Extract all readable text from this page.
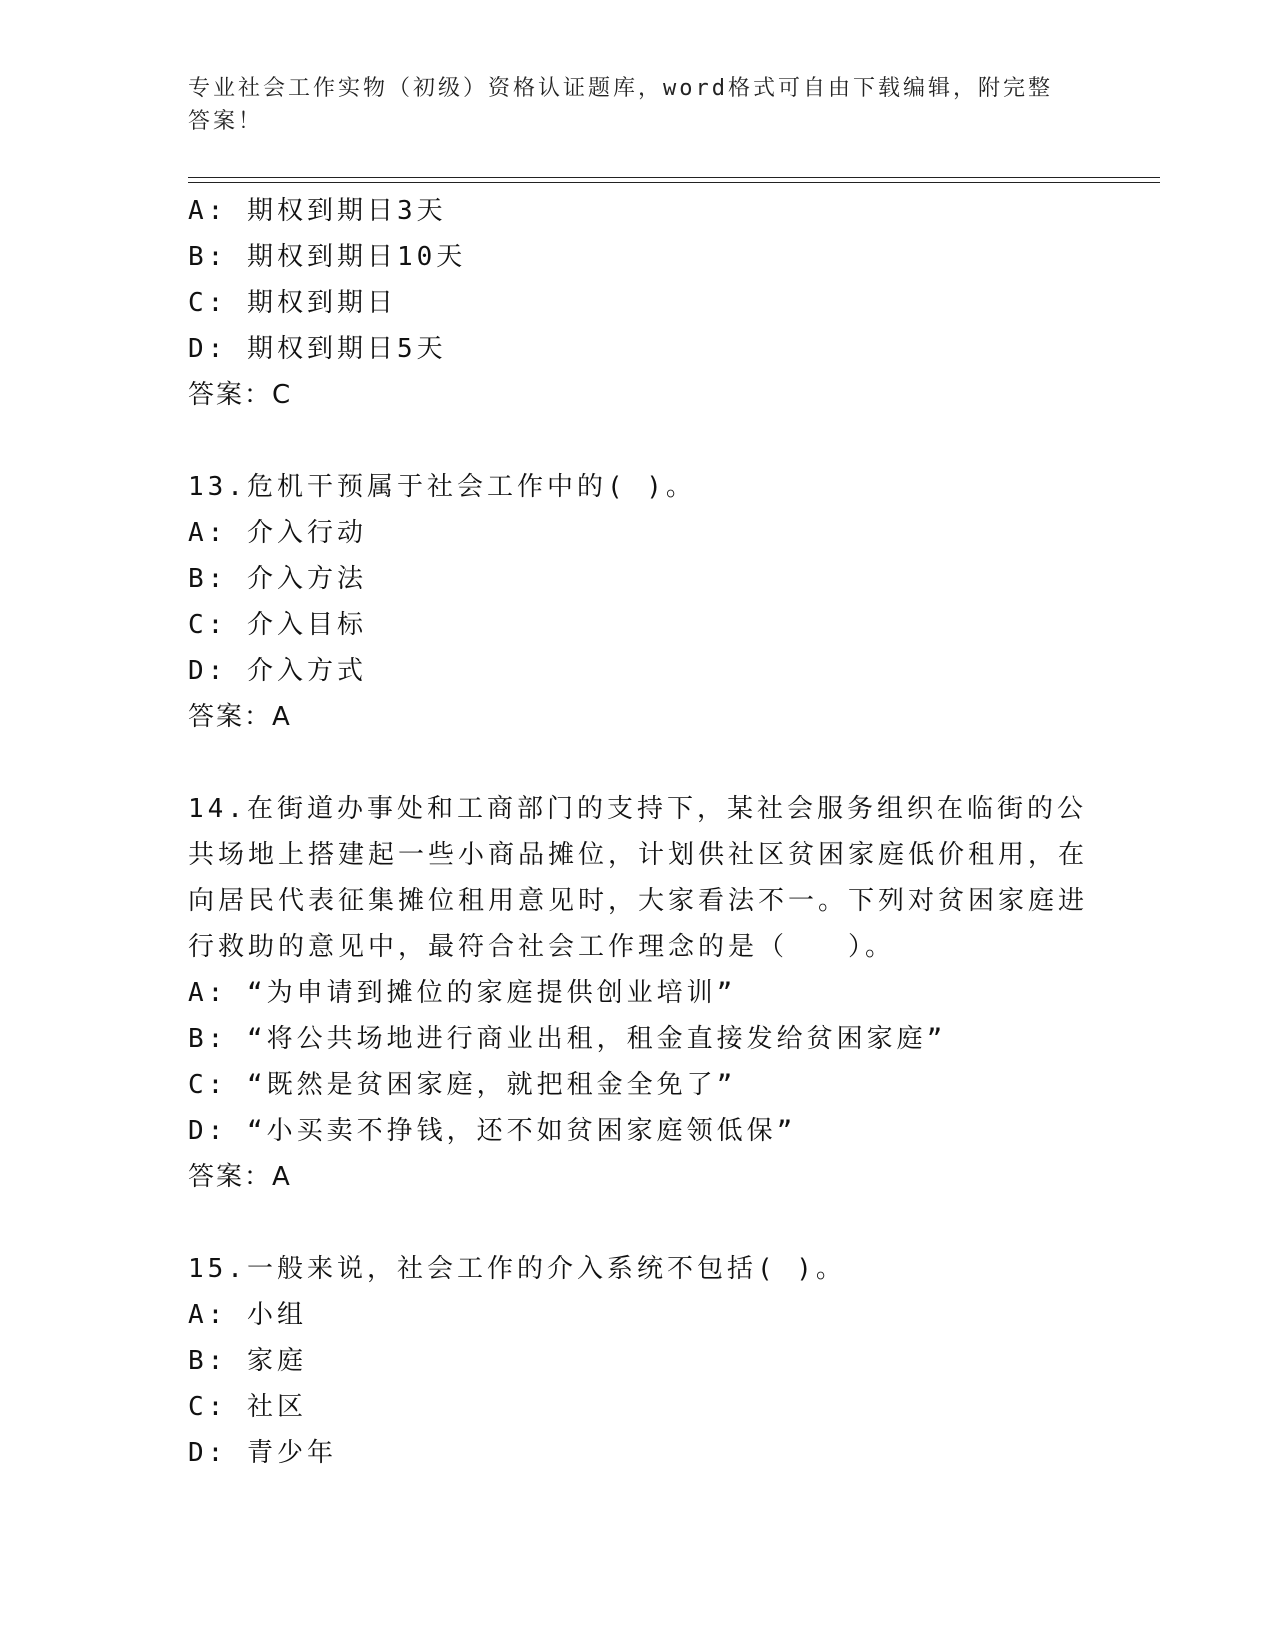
专业社会工作实物（初级）资格认证题库，word格式可自由下载编辑，附完整答案！
A: 期权到期日3天
B: 期权到期日10天
C: 期权到期日
D: 期权到期日5天
答案：C
13.危机干预属于社会工作中的( )。
A: 介入行动
B: 介入方法
C: 介入目标
D: 介入方式
答案：A
14.在街道办事处和工商部门的支持下，某社会服务组织在临街的公共场地上搭建起一些小商品摊位，计划供社区贫困家庭低价租用，在向居民代表征集摊位租用意见时，大家看法不一。下列对贫困家庭进行救助的意见中，最符合社会工作理念的是（　　）。
A: “为申请到摊位的家庭提供创业培训”
B: “将公共场地进行商业出租，租金直接发给贫困家庭”
C: “既然是贫困家庭，就把租金全免了”
D: “小买卖不挣钱，还不如贫困家庭领低保”
答案：A
15.一般来说，社会工作的介入系统不包括( )。
A: 小组
B: 家庭
C: 社区
D: 青少年
